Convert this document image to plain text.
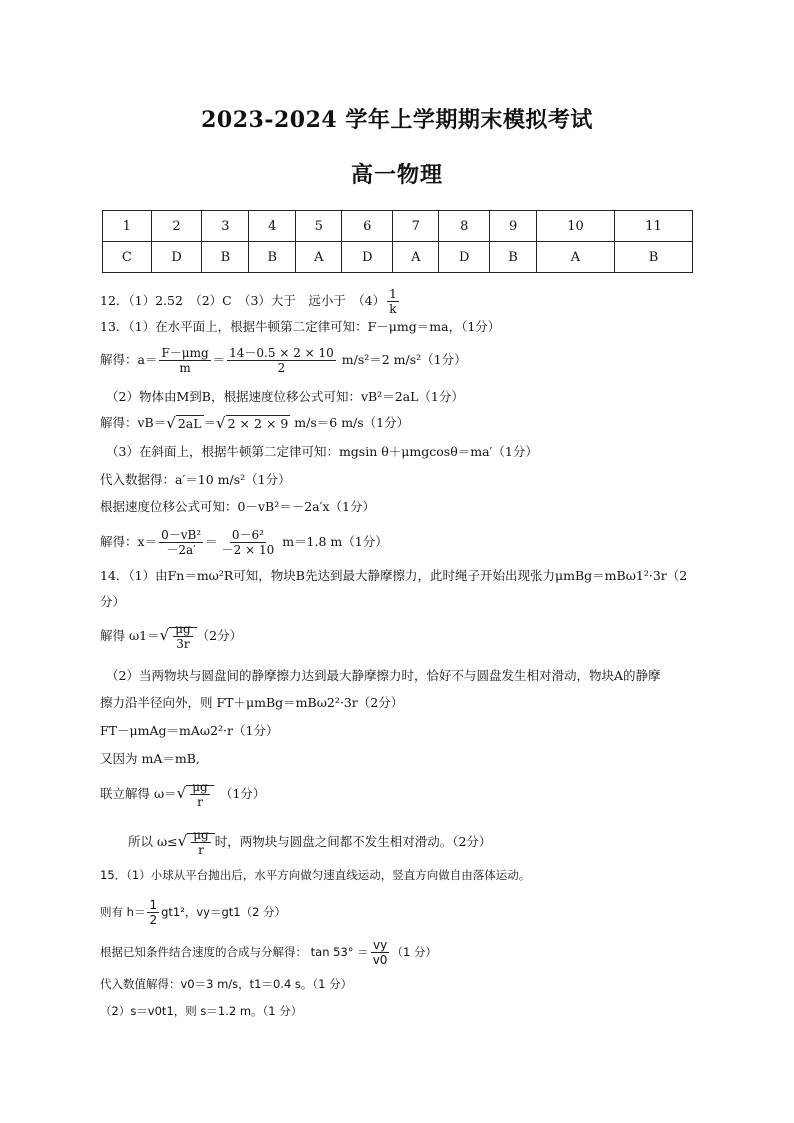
2023-2024 学年上学期期末模拟考试
高一物理
1	2	3	4	5	6	7	8	9	10	11
C	D	B	B	A	D	A	D	B	A	B
12．（1）2.52　（2）C　（3）大于　远小于　$(4) \frac{1}{k}$
13．（1）在水平面上，根据牛顿第二定律可知：F－μmg＝ma，（1分）
解得：$a= \frac{\text{F－μmg}}{m} = \frac{14-0.5 \times 2 \times 10}{2} m/s^2=2$ m/s²（1分）
（2）物体由M到B，根据速度位移公式可知：vB²＝2aL（1分）
解得：vB＝√ 2aL ＝√ 2 × 2 × 9 m/s＝6 m/s（1分）
（3）在斜面上，根据牛顿第二定律可知：mgsin θ＋μmgcosθ＝ma′（1分）
代入数据得：a′＝10 m/s²（1分）
根据速度位移公式可知：0－vB²＝－2a′x（1分）
解得：$x= \frac{\text{0－vB²}}{-2a'} = \frac{\text{0－6²}}{-2 \times 10} m=1.8$ m（1分）
14．（1）由Fn＝mω²R可知，物块B先达到最大静摩擦力，此时绳子开始出现张力μmBg＝mBω1²·3r（2
分）
解得 $\omega 1=√ \frac{\mu g}{3r} (2$分）
（2）当两物块与圆盘间的静摩擦力达到最大静摩擦力时，恰好不与圆盘发生相对滑动，物块A的静摩
擦力沿半径向外，则 FT＋μmBg＝mBω2²·3r（2分）
FT－μmAg＝mAω2²·r（1分）
又因为 mA＝mB,
联立解得 $\omega=√ \frac{\mu g}{r}$ 　（1分）
所以 $\omega\le√ \frac{\mu g}{r}$ 时，两物块与圆盘之间都不发生相对滑动。（2分）
15．（1）小球从平台抛出后，水平方向做匀速直线运动，竖直方向做自由落体运动。
则有 $h= \frac{1}{2} gt1^2$，vy＝gt1（2 分）
根据已知条件结合速度的合成与分解得： $\tan 53^\circ = \frac{vy}{v0} (1$ 分）
代入数值解得：v0＝3 m/s，t1＝0.4 s。（1 分）
（2）s＝v0t1，则 s＝1.2 m。（1 分）
